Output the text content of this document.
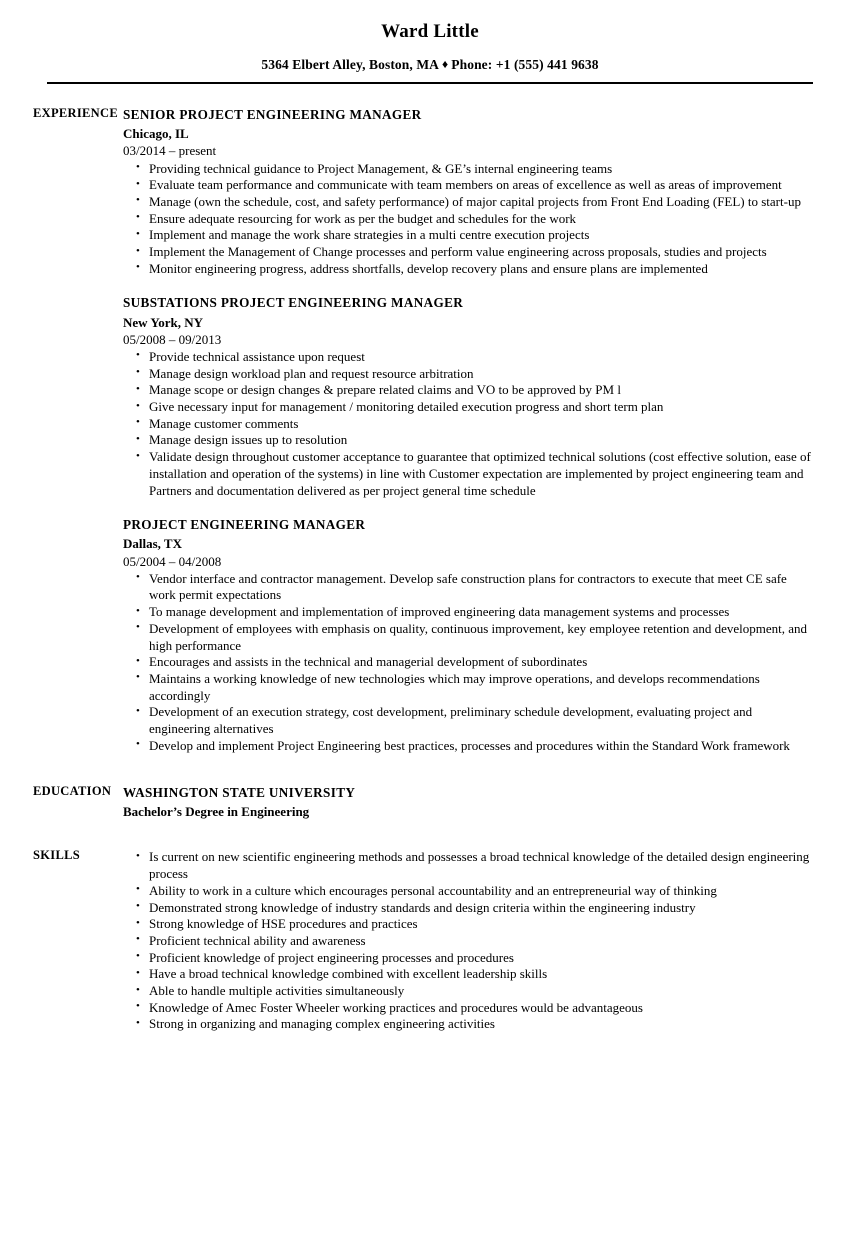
Ward Little
5364 Elbert Alley, Boston, MA ♦ Phone: +1 (555) 441 9638
EXPERIENCE SENIOR PROJECT ENGINEERING MANAGER
Chicago, IL
03/2014 – present
• Providing technical guidance to Project Management, & GE’s internal engineering teams
• Evaluate team performance and communicate with team members on areas of excellence as well as areas of improvement
• Manage (own the schedule, cost, and safety performance) of major capital projects from Front End Loading (FEL) to start-up
• Ensure adequate resourcing for work as per the budget and schedules for the work
• Implement and manage the work share strategies in a multi centre execution projects
• Implement the Management of Change processes and perform value engineering across proposals, studies and projects
• Monitor engineering progress, address shortfalls, develop recovery plans and ensure plans are implemented
SUBSTATIONS PROJECT ENGINEERING MANAGER
New York, NY
05/2008 – 09/2013
• Provide technical assistance upon request
• Manage design workload plan and request resource arbitration
• Manage scope or design changes & prepare related claims and VO to be approved by PM l
• Give necessary input for management / monitoring detailed execution progress and short term plan
• Manage customer comments
• Manage design issues up to resolution
• Validate design throughout customer acceptance to guarantee that optimized technical solutions (cost effective solution, ease of installation and operation of the systems) in line with Customer expectation are implemented by project engineering team and Partners and documentation delivered as per project general time schedule
PROJECT ENGINEERING MANAGER
Dallas, TX
05/2004 – 04/2008
• Vendor interface and contractor management. Develop safe construction plans for contractors to execute that meet CE safe work permit expectations
• To manage development and implementation of improved engineering data management systems and processes
• Development of employees with emphasis on quality, continuous improvement, key employee retention and development, and high performance
• Encourages and assists in the technical and managerial development of subordinates
• Maintains a working knowledge of new technologies which may improve operations, and develops recommendations accordingly
• Development of an execution strategy, cost development, preliminary schedule development, evaluating project and engineering alternatives
• Develop and implement Project Engineering best practices, processes and procedures within the Standard Work framework
EDUCATION WASHINGTON STATE UNIVERSITY
Bachelor’s Degree in Engineering
SKILLS	• Is current on new scientific engineering methods and possesses a broad technical knowledge of the detailed design engineering process
• Ability to work in a culture which encourages personal accountability and an entrepreneurial way of thinking
• Demonstrated strong knowledge of industry standards and design criteria within the engineering industry
• Strong knowledge of HSE procedures and practices
• Proficient technical ability and awareness
• Proficient knowledge of project engineering processes and procedures
• Have a broad technical knowledge combined with excellent leadership skills
• Able to handle multiple activities simultaneously
• Knowledge of Amec Foster Wheeler working practices and procedures would be advantageous
• Strong in organizing and managing complex engineering activities
